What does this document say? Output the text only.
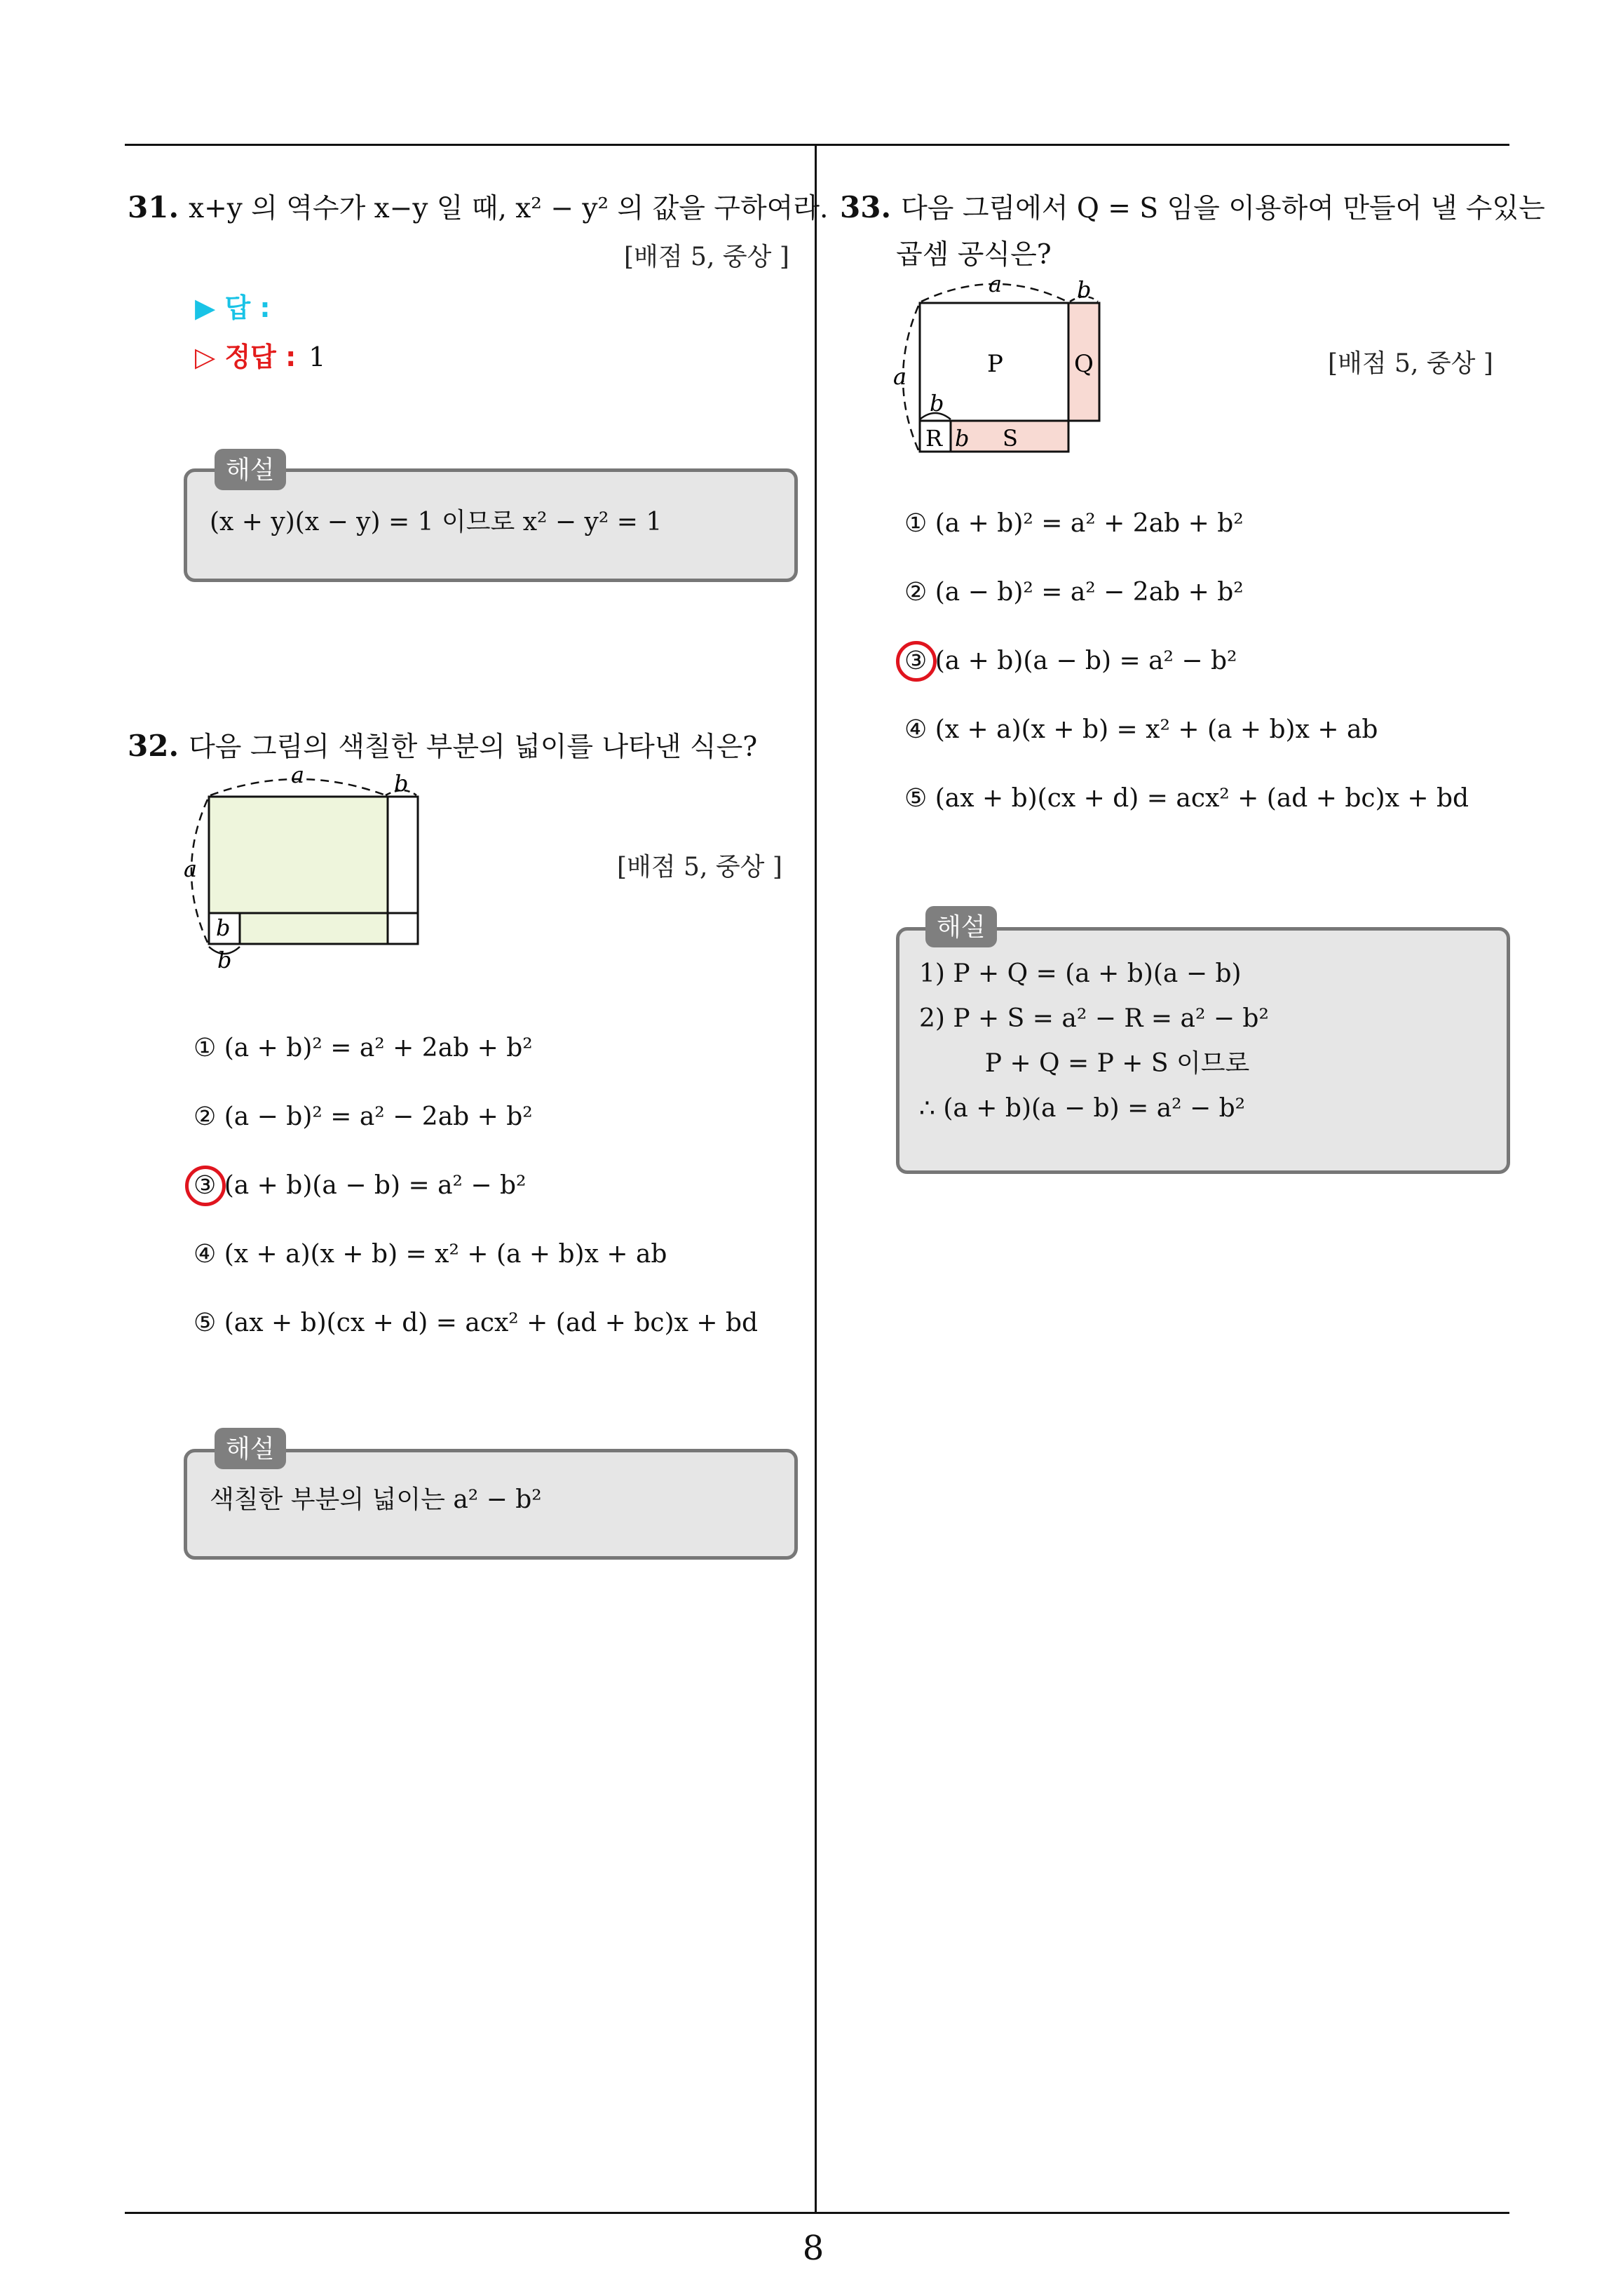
8
31. x+y 의 역수가 x−y 일 때, x² − y² 의 값을 구하여라.
[배점 5, 중상 ]
▶ 답 :
▷ 정답 : 1
(x + y)(x − y) = 1 이므로 x² − y² = 1
해설
32. 다음 그림의 색칠한 부분의 넓이를 나타낸 식은?
[배점 5, 중상 ]
a	b
a
b
b
① (a + b)² = a² + 2ab + b²
② (a − b)² = a² − 2ab + b²
③ (a + b)(a − b) = a² − b²
④ (x + a)(x + b) = x² + (a + b)x + ab
⑤ (ax + b)(cx + d) = acx² + (ad + bc)x + bd
색칠한 부분의 넓이는 a² − b²
해설
33. 다음 그림에서 Q = S 임을 이용하여 만들어 낼 수있는
곱셈 공식은?
[배점 5, 중상 ]
a	b
a
b
P	Q
R b S
① (a + b)² = a² + 2ab + b²
② (a − b)² = a² − 2ab + b²
③ (a + b)(a − b) = a² − b²
④ (x + a)(x + b) = x² + (a + b)x + ab
⑤ (ax + b)(cx + d) = acx² + (ad + bc)x + bd
1) P + Q = (a + b)(a − b)
2) P + S = a² − R = a² − b²
P + Q = P + S 이므로
∴ (a + b)(a − b) = a² − b²
해설
